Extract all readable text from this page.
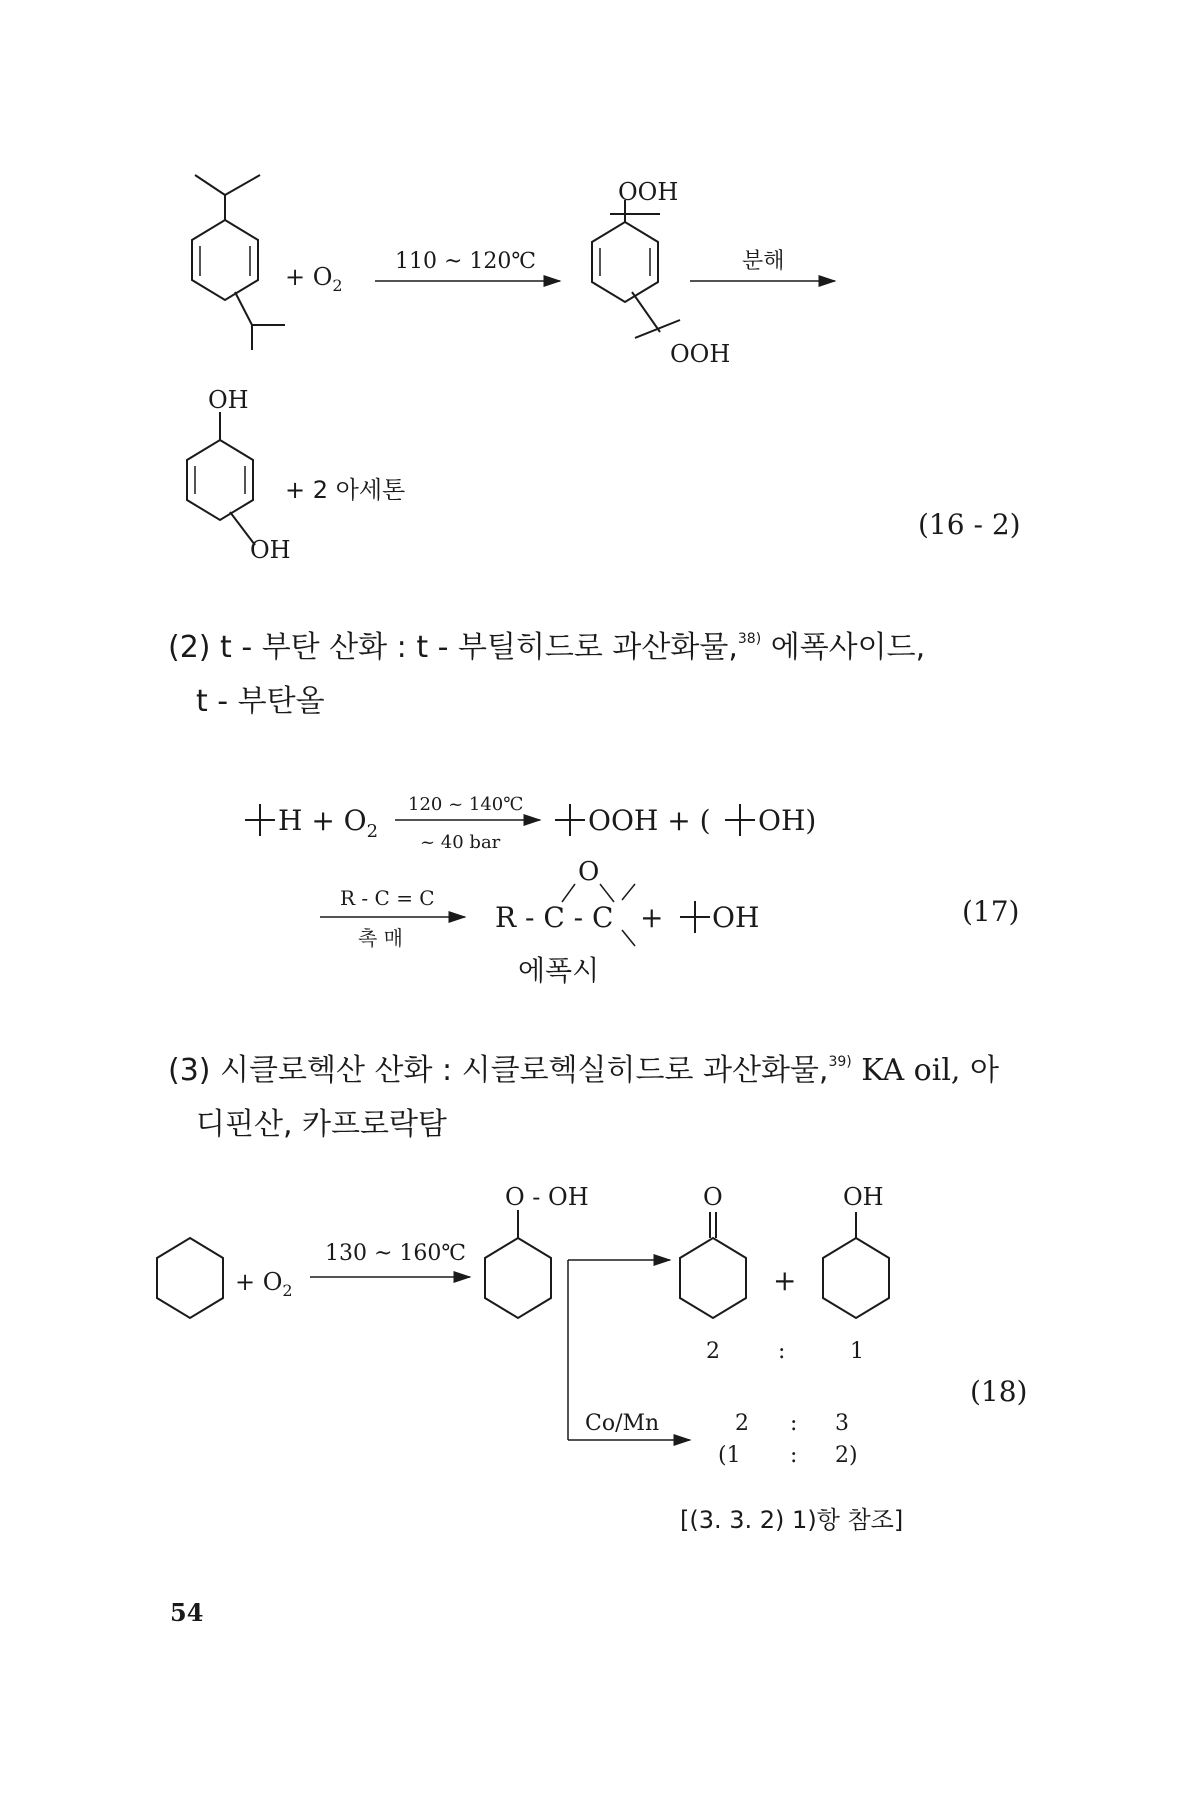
+ $O_2$
110 ~ 120℃
OOH
OOH
분해
OH
OH
+ 2 아세톤
(16 - 2)
(2) t - 부탄 산화 : t - 부틸히드로 과산화물,$^{38)}$ 에폭사이드,
t - 부탄올
$H + O_2$
120 ~ 140℃
~ 40 bar
OOH + ( OH)
R - C = C
촉 매
R - C - C
O
+ OH
에폭시
(17)
(3) 시클로헥산 산화 : 시클로헥실히드로 과산화물,$^{39)}$ KA oil, 아
디핀산, 카프로락탐
+ $O_2$
130 ~ 160℃
O - OH	O
+
OH
2	:	1
Co/Mn	2 : 3
(1 : 2)
(18)
[(3. 3. 2) 1)항 참조]
54
